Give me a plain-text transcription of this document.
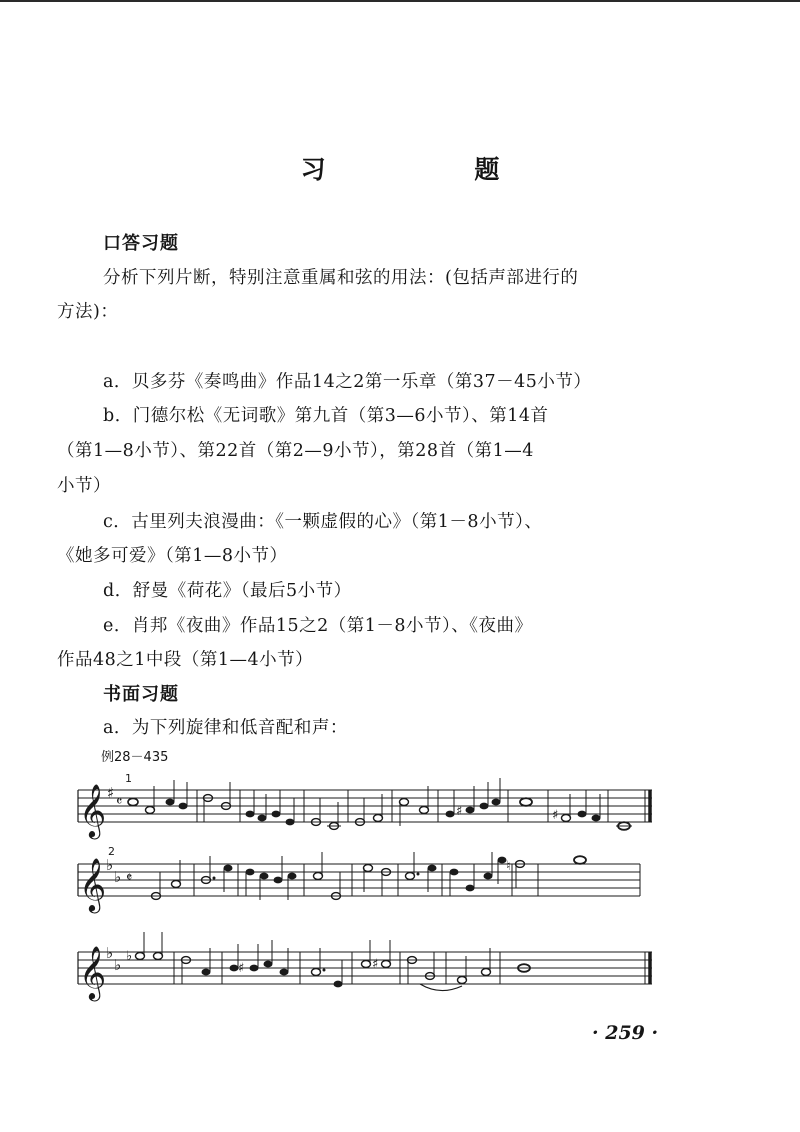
习 题
口答习题
分析下列片断，特别注意重属和弦的用法：(包括声部进行的
方法)：
a．贝多芬《奏鸣曲》作品14之2第一乐章（第37－45小节）
b．门德尔松《无词歌》第九首（第3—6小节）、第14首
（第1—8小节）、第22首（第2—9小节），第28首（第1—4
小节）
c．古里列夫浪漫曲：《一颗虚假的心》（第1－8小节）、
《她多可爱》（第1—8小节）
d．舒曼《荷花》（最后5小节）
e．肖邦《夜曲》作品15之2（第1－8小节）、《夜曲》
作品48之1中段（第1—4小节）
书面习题
a．为下列旋律和低音配和声：
例28－435
1
𝄞 ♯ 𝄴
♯	♯
2
𝄞 ♭
♭ 𝄵
♮
𝄞 ♭
♭ ♭
♯	♯
· 259 ·
